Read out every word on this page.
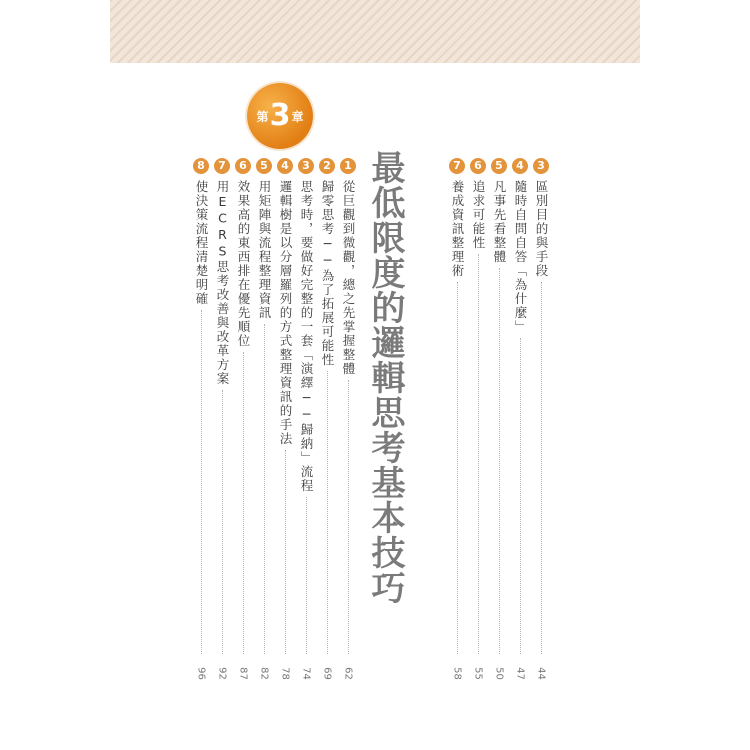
第 3 章
最低限度的邏輯思考基本技巧	3
區別目的與手段
44
4
隨時自問自答「為什麼」
47
5
凡事先看整體
50
6
追求可能性
55
7
養成資訊整理術
58
1
從巨觀到微觀，總之先掌握整體
62
2
歸零思考──為了拓展可能性
69
3
思考時，要做好完整的一套「演繹──歸納」流程
74
4
邏輯樹是以分層羅列的方式整理資訊的手法
78
5
用矩陣與流程整理資訊
82
6
效果高的東西排在優先順位
87
7
用ECRS思考改善與改革方案
92
8
使決策流程清楚明確
96
